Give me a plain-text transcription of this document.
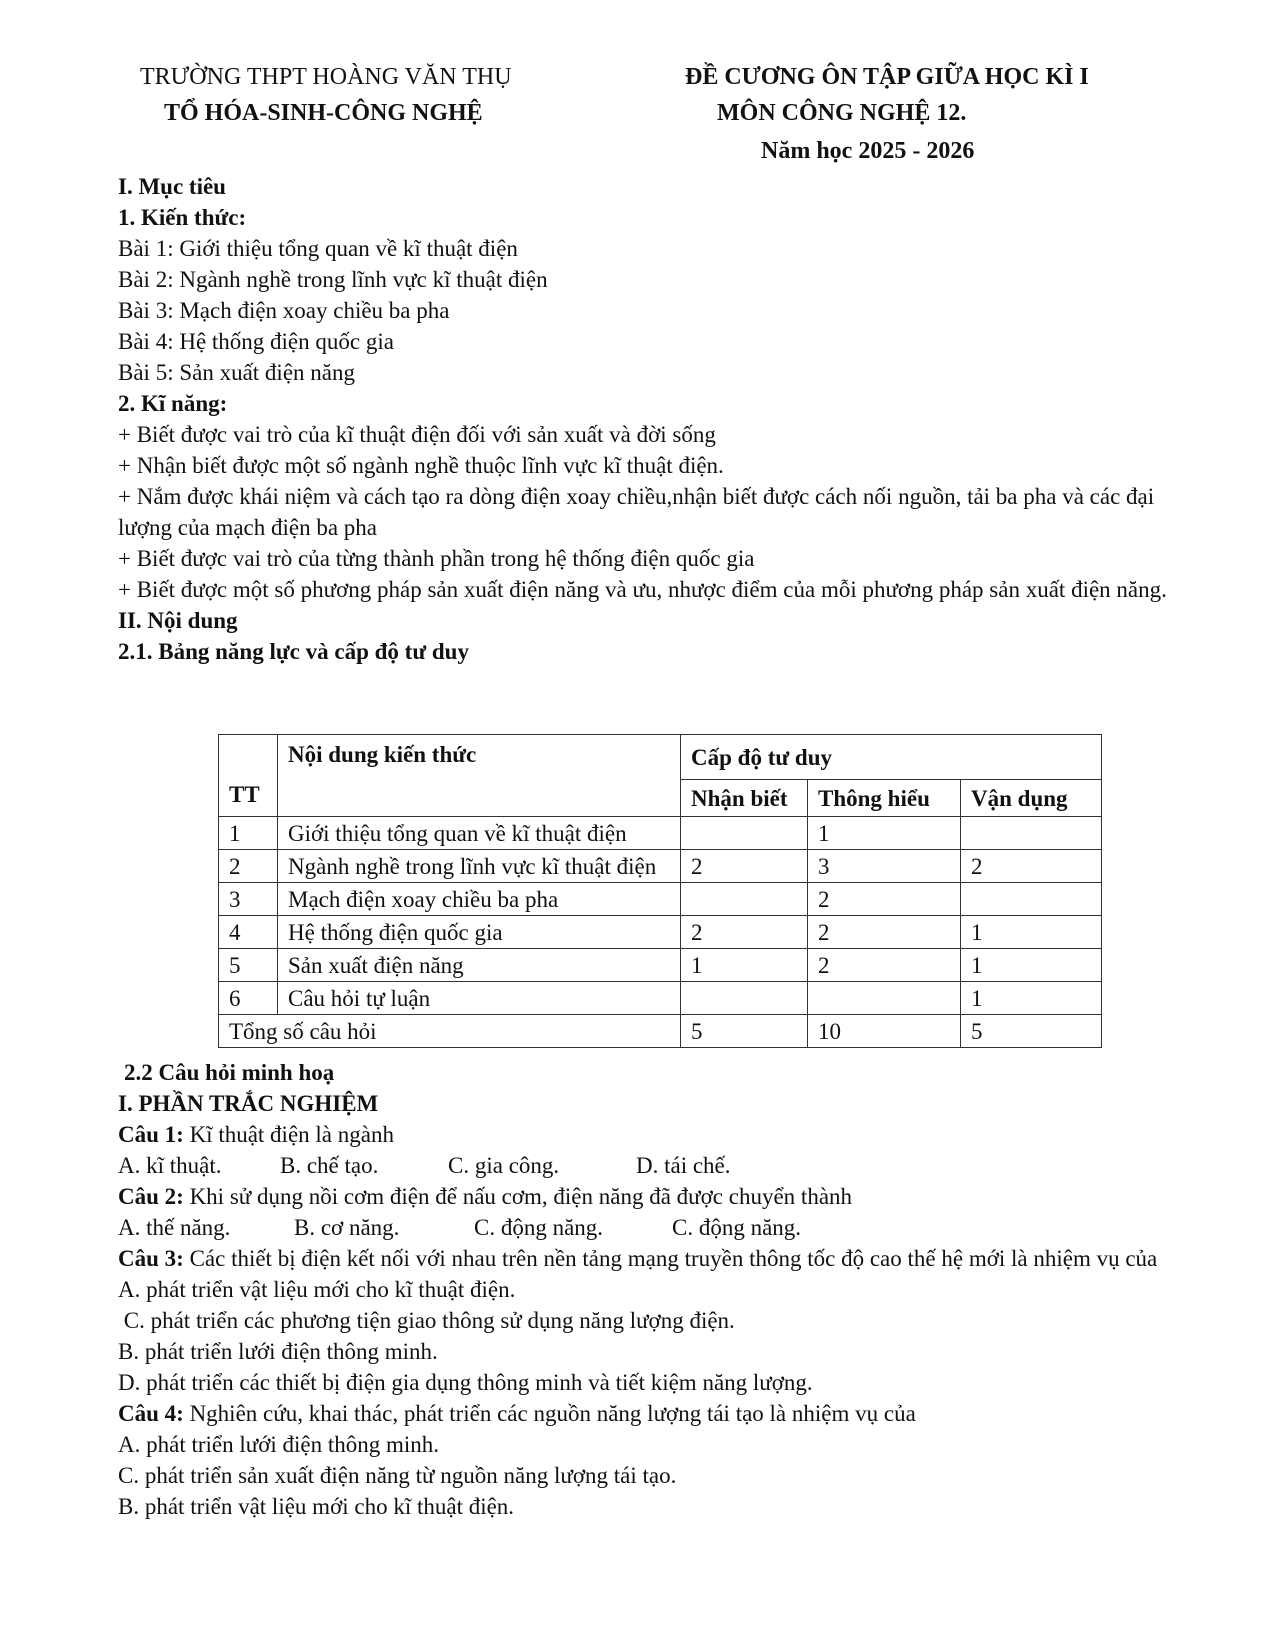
TRƯỜNG THPT HOÀNG VĂN THỤ
TỔ HÓA-SINH-CÔNG NGHỆ
ĐỀ CƯƠNG ÔN TẬP GIỮA HỌC KÌ I
MÔN CÔNG NGHỆ 12.
Năm học 2025 - 2026
I. Mục tiêu
1. Kiến thức:
Bài 1: Giới thiệu tổng quan về kĩ thuật điện
Bài 2: Ngành nghề trong lĩnh vực kĩ thuật điện
Bài 3: Mạch điện xoay chiều ba pha
Bài 4: Hệ thống điện quốc gia
Bài 5: Sản xuất điện năng
2. Kĩ năng:
+ Biết được vai trò của kĩ thuật điện đối với sản xuất và đời sống
+ Nhận biết được một số ngành nghề thuộc lĩnh vực kĩ thuật điện.
+ Nắm được khái niệm và cách tạo ra dòng điện xoay chiều,nhận biết được cách nối nguồn, tải ba pha và các đại lượng của mạch điện ba pha
+ Biết được vai trò của từng thành phần trong hệ thống điện quốc gia
+ Biết được một số phương pháp sản xuất điện năng và ưu, nhược điểm của mỗi phương pháp sản xuất điện năng.
II. Nội dung
2.1. Bảng năng lực và cấp độ tư duy
TT	Nội dung kiến thức	Cấp độ tư duy		
		Nhận biết	Thông hiểu	Vận dụng
1	Giới thiệu tổng quan về kĩ thuật điện		1	
2	Ngành nghề trong lĩnh vực kĩ thuật điện	2	3	2
3	Mạch điện xoay chiều ba pha		2	
4	Hệ thống điện quốc gia	2	2	1
5	Sản xuất điện năng	1	2	1
6	Câu hỏi tự luận			1
Tổng số câu hỏi		5	10	5
2.2 Câu hỏi minh hoạ
I. PHẦN TRẮC NGHIỆM
Câu 1: Kĩ thuật điện là ngành
A. kĩ thuật.	B. chế tạo.	C. gia công.	D. tái chế.
Câu 2: Khi sử dụng nồi cơm điện để nấu cơm, điện năng đã được chuyển thành
A. thế năng.	B. cơ năng.	C. động năng.	C. động năng.
Câu 3: Các thiết bị điện kết nối với nhau trên nền tảng mạng truyền thông tốc độ cao thế hệ mới là nhiệm vụ của
A. phát triển vật liệu mới cho kĩ thuật điện.
C. phát triển các phương tiện giao thông sử dụng năng lượng điện.
B. phát triển lưới điện thông minh.
D. phát triển các thiết bị điện gia dụng thông minh và tiết kiệm năng lượng.
Câu 4: Nghiên cứu, khai thác, phát triển các nguồn năng lượng tái tạo là nhiệm vụ của
A. phát triển lưới điện thông minh.
C. phát triển sản xuất điện năng từ nguồn năng lượng tái tạo.
B. phát triển vật liệu mới cho kĩ thuật điện.
